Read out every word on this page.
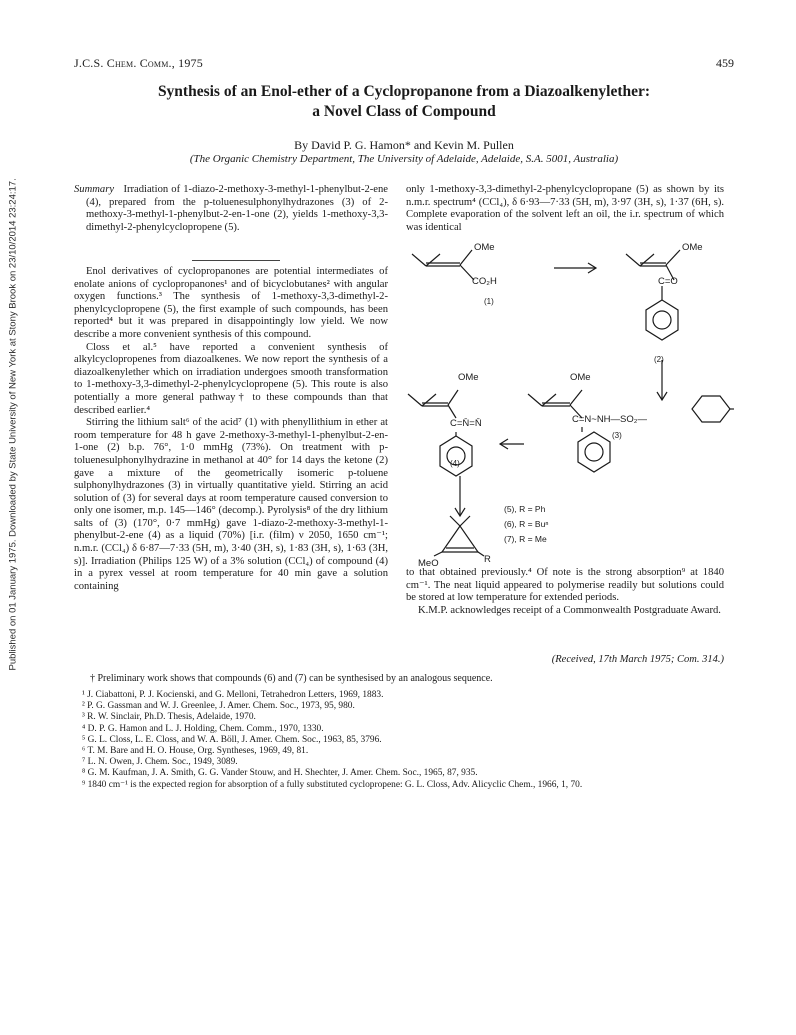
Published on 01 January 1975. Downloaded by State University of New York at Stony Brook on 23/10/2014 23:24:17.
J.C.S. Chem. Comm., 1975	459
Synthesis of an Enol-ether of a Cyclopropanone from a Diazoalkenylether:
a Novel Class of Compound
By David P. G. Hamon* and Kevin M. Pullen
(The Organic Chemistry Department, The University of Adelaide, Adelaide, S.A. 5001, Australia)

Summary Irradiation of 1-diazo-2-methoxy-3-methyl-1-phenylbut-2-ene (4), prepared from the p-toluenesulphonylhydrazones (3) of 2-methoxy-3-methyl-1-phenylbut-2-en-1-one (2), yields 1-methoxy-3,3-dimethyl-2-phenylcyclopropene (5).

Enol derivatives of cyclopropanones are potential intermediates of enolate anions of cyclopropanones¹ and of bicyclobutanes² with angular oxygen functions.³ The synthesis of 1-methoxy-3,3-dimethyl-2-phenylcyclopropene (5), the first example of such compounds, has been reported⁴ but it was prepared in disappointingly low yield. We now describe a more convenient synthesis of this compound.

Closs et al.⁵ have reported a convenient synthesis of alkylcyclopropenes from diazoalkenes. We now report the synthesis of a diazoalkenylether which on irradiation undergoes smooth transformation to 1-methoxy-3,3-dimethyl-2-phenylcyclopropene (5). This route is also potentially a more general pathway† to these compounds than that described earlier.⁴

Stirring the lithium salt⁶ of the acid⁷ (1) with phenyllithium in ether at room temperature for 48 h gave 2-methoxy-3-methyl-1-phenylbut-2-en-1-one (2) b.p. 76°, 1·0 mmHg (73%). On treatment with p-toluenesulphonylhydrazine in methanol at 40° for 14 days the ketone (2) gave a mixture of the geometrically isomeric p-toluene sulphonylhydrazones (3) in virtually quantitative yield. Stirring an acid solution of (3) for several days at room temperature caused conversion to only one isomer, m.p. 145—146° (decomp.). Pyrolysis⁸ of the dry lithium salts of (3) (170°, 0·7 mmHg) gave 1-diazo-2-methoxy-3-methyl-1-phenylbut-2-ene (4) as a liquid (70%) [i.r. (film) ν 2050, 1650 cm⁻¹; n.m.r. (CCl₄) δ 6·87—7·33 (5H, m), 3·40 (3H, s), 1·83 (3H, s), 1·63 (3H, s)]. Irradiation (Philips 125 W) of a 3% solution (CCl₄) of compound (4) in a pyrex vessel at room temperature for 40 min gave a solution containing

only 1-methoxy-3,3-dimethyl-2-phenylcyclopropane (5) as shown by its n.m.r. spectrum⁴ (CCl₄), δ 6·93—7·33 (5H, m), 3·97 (3H, s), 1·37 (6H, s). Complete evaporation of the solvent left an oil, the i.r. spectrum of which was identical

OMe
CO₂H
(1)
OMe
C=O
(2)
OMe
C=N~NH—SO₂—
(3)
OMe
C=N̄=N̄
(4)
MeO	R
(5), R = Ph
(6), R = Buⁿ
(7), R = Me

to that obtained previously.⁴ Of note is the strong absorption⁹ at 1840 cm⁻¹. The neat liquid appeared to polymerise readily but solutions could be stored at low temperature for extended periods.

K.M.P. acknowledges receipt of a Commonwealth Postgraduate Award.

(Received, 17th March 1975; Com. 314.)
† Preliminary work shows that compounds (6) and (7) can be synthesised by an analogous sequence.
¹ J. Ciabattoni, P. J. Kocienski, and G. Melloni, Tetrahedron Letters, 1969, 1883.
² P. G. Gassman and W. J. Greenlee, J. Amer. Chem. Soc., 1973, 95, 980.
³ R. W. Sinclair, Ph.D. Thesis, Adelaide, 1970.
⁴ D. P. G. Hamon and L. J. Holding, Chem. Comm., 1970, 1330.
⁵ G. L. Closs, L. E. Closs, and W. A. Böll, J. Amer. Chem. Soc., 1963, 85, 3796.
⁶ T. M. Bare and H. O. House, Org. Syntheses, 1969, 49, 81.
⁷ L. N. Owen, J. Chem. Soc., 1949, 3089.
⁸ G. M. Kaufman, J. A. Smith, G. G. Vander Stouw, and H. Shechter, J. Amer. Chem. Soc., 1965, 87, 935.
⁹ 1840 cm⁻¹ is the expected region for absorption of a fully substituted cyclopropene: G. L. Closs, Adv. Alicyclic Chem., 1966, 1, 70.
